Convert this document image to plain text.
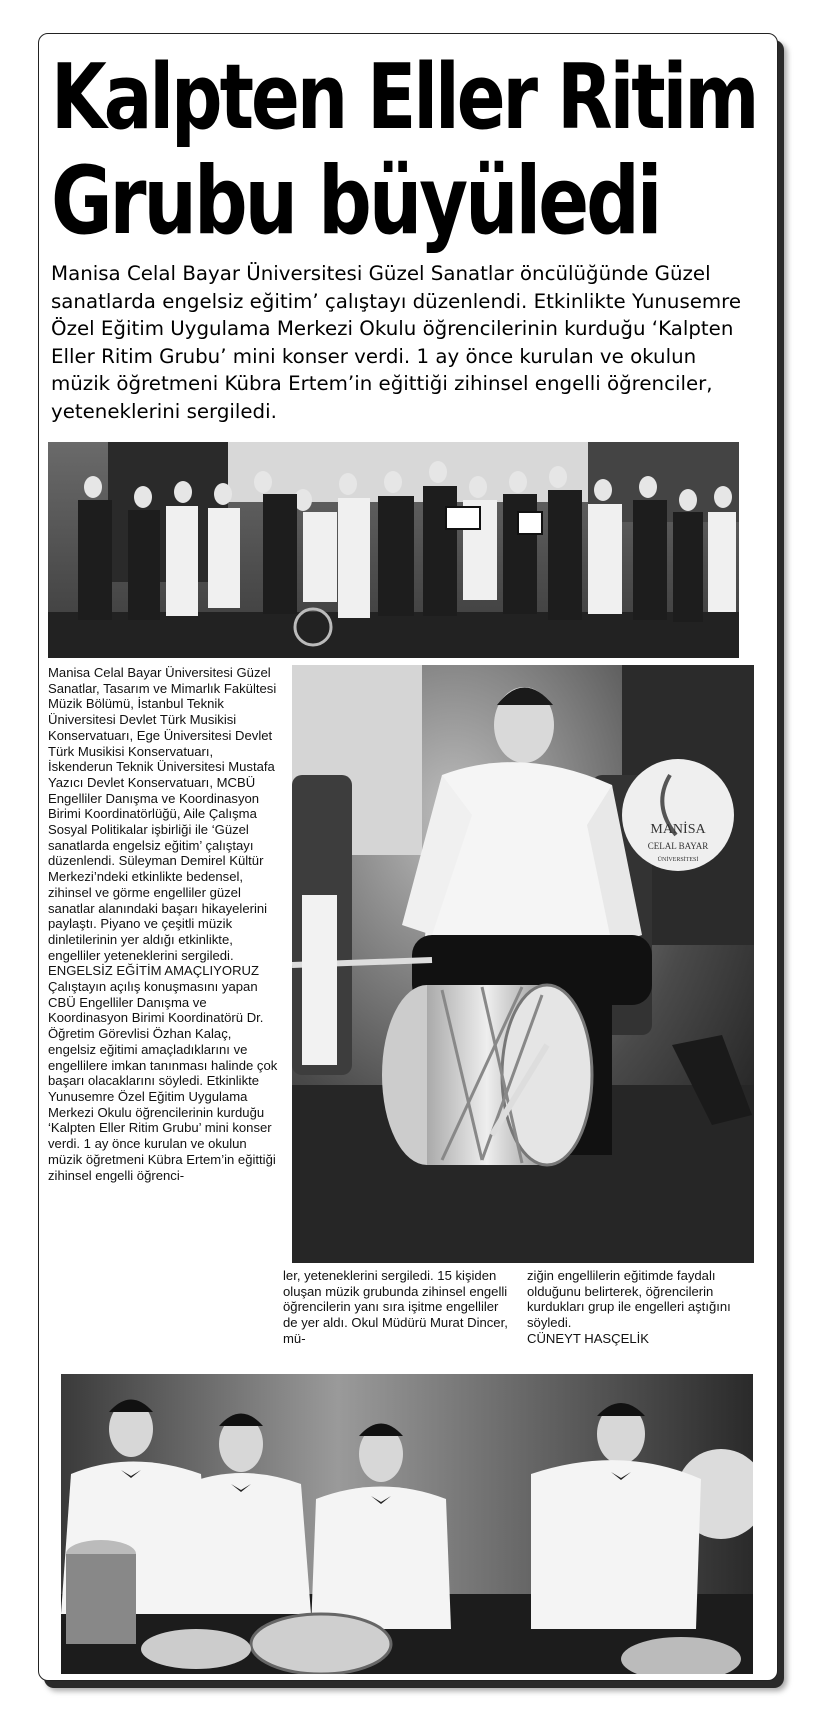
Kalpten Eller Ritim
Grubu büyüledi

Manisa Celal Bayar Üniversitesi Güzel Sanatlar öncülüğünde Güzel sanatlarda engelsiz eğitim’ çalıştayı düzenlendi. Etkinlikte Yunusemre Özel Eğitim Uygulama Merkezi Okulu öğrencilerinin kurduğu ‘Kalpten Eller Ritim Grubu’ mini konser verdi. 1 ay önce kurulan ve okulun müzik öğretmeni Kübra Ertem’in eğittiği zihinsel engelli öğrenciler, yeteneklerini sergiledi.

Manisa Celal Bayar Üniversitesi Güzel Sanatlar, Tasarım ve Mimarlık Fakültesi Müzik Bölümü, İstanbul Teknik Üniversitesi Devlet Türk Musikisi Konservatuarı, Ege Üniversitesi Devlet Türk Musikisi Konservatuarı, İskenderun Teknik Üniversitesi Mustafa Yazıcı Devlet Konservatuarı, MCBÜ Engelliler Danışma ve Koordinasyon Birimi Koordinatörlüğü, Aile Çalışma Sosyal Politikalar işbirliği ile ‘Güzel sanatlarda engelsiz eğitim’ çalıştayı düzenlendi. Süleyman Demirel Kültür Merkezi’ndeki etkinlikte bedensel, zihinsel ve görme engelliler güzel sanatlar alanındaki başarı hikayelerini paylaştı. Piyano ve çeşitli müzik dinletilerinin yer aldığı etkinlikte, engelliler yeteneklerini sergiledi.

ENGELSİZ EĞİTİM AMAÇLIYORUZ

Çalıştayın açılış konuşmasını yapan CBÜ Engelliler Danışma ve Koordinasyon Birimi Koordinatörü Dr. Öğretim Görevlisi Özhan Kalaç, engelsiz eğitimi amaçladıklarını ve engellilere imkan tanınması halinde çok başarı olacaklarını söyledi. Etkinlikte Yunusemre Özel Eğitim Uygulama Merkezi Okulu öğrencilerinin kurduğu ‘Kalpten Eller Ritim Grubu’ mini konser verdi. 1 ay önce kurulan ve okulun müzik öğretmeni Kübra Ertem’in eğittiği zihinsel engelli öğrenci-

MANİSA
CELAL BAYAR
ÜNİVERSİTESİ

ler, yeteneklerini sergiledi. 15 kişiden oluşan müzik grubunda zihinsel engelli öğrencilerin yanı sıra işitme engelliler de yer aldı. Okul Müdürü Murat Dincer, mü-

ziğin engellilerin eğitimde faydalı olduğunu belirterek, öğrencilerin kurdukları grup ile engelleri aştığını söyledi.

CÜNEYT HASÇELİK
